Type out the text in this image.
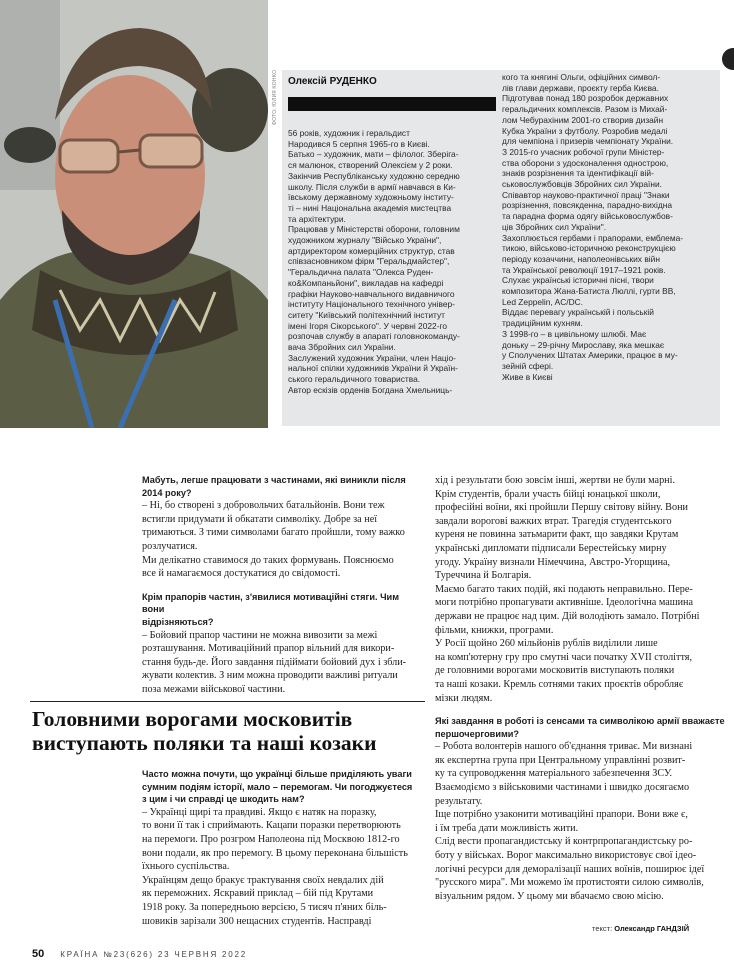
ФОТО: ЮЛИЯ КОНКО Олексій РУДЕНКО

56 років, художник і геральдист

Народився 5 серпня 1965-го в Києві.

Батько – художник, мати – філолог. Зберіга-

ся малюнок, створений Олексієм у 2 роки.

Закінчив Республіканську художню середню

школу. Після служби в армії навчався в Ки-

ївському державному художньому інститу-

ті – нині Національна академія мистецтва

та архітектури.

Працював у Міністерстві оборони, головним

художником журналу "Військо України",

артдиректором комерційних структур, став

співзасновником фірм "Геральдмайстер",

"Геральдична палата "Олекса Руден-

ко&Компаньйони", викладав на кафедрі

графіки Науково-навчального видавничого

інституту Національного технічного універ-

ситету "Київський політехнічний інститут

імені Ігоря Сікорського". У червні 2022-го

розпочав службу в апараті головнокоманду-

вача Збройних сил України.

Заслужений художник України, член Націо-

нальної спілки художників України й Україн-

ського геральдичного товариства.

Автор ескізів орденів Богдана Хмельниць-

кого та княгині Ольги, офіційних символ-

лів глави держави, проєкту герба Києва.

Підготував понад 180 розробок державних

геральдичних комплексів. Разом із Михай-

лом Чебурахіним 2001-го створив дизайн

Кубка України з футболу. Розробив медалі

для чемпіона і призерів чемпіонату України.

З 2015-го учасник робочої групи Міністер-

ства оборони з удосконалення однострою,

знаків розрізнення та ідентифікації вій-

ськовослужбовців Збройних сил України.

Співавтор науково-практичної праці "Знаки

розрізнення, повсякденна, парадно-вихідна

та парадна форма одягу військовослужбов-

ців Збройних сил України".

Захоплюється гербами і прапорами, емблема-

тикою, військово-історичною реконструкцією

періоду козаччини, наполеонівських війн

та Української революції 1917–1921 років.

Слухає українські історичні пісні, твори

композитора Жана-Батиста Люллі, гурти BB,

Led Zeppelin, AC/DC.

Віддає перевагу українській і польській

традиційним кухням.

З 1998-го – в цивільному шлюбі. Має

доньку – 29-річну Мирославу, яка мешкає

у Сполучених Штатах Америки, працює в му-

зейній сфері.

Живе в Києві

Мабуть, легше працювати з частинами, які виникли після

2014 року?

– Ні, бо створені з добровольчих батальйонів. Вони теж

встигли придумати й обкатати символіку. Добре за неї

тримаються. З тими символами багато пройшли, тому важко

розлучатися.

Ми делікатно ставимося до таких формувань. Пояснюємо

все й намагаємося достукатися до свідомості.

Крім прапорів частин, з'явилися мотиваційні стяги. Чим вони

відрізняються?

– Бойовий прапор частини не можна вивозити за межі

розташування. Мотиваційний прапор вільний для викори-

стання будь-де. Його завдання підіймати бойовий дух і збли-

жувати колектив. З ним можна проводити важливі ритуали

поза межами військової частини.

Головними ворогами московитів
виступають поляки та наші козаки

Часто можна почути, що українці більше приділяють уваги

сумним подіям історії, мало – перемогам. Чи погоджуєтеся

з цим і чи справді це шкодить нам?

– Українці щирі та правдиві. Якщо є натяк на поразку,

то вони її так і сприймають. Кацапи поразки перетворюють

на перемоги. Про розгром Наполеона під Москвою 1812-го

вони подали, як про перемогу. В цьому переконана більшість

їхнього суспільства.

Українцям дещо бракує трактування своїх невдалих дій

як переможних. Яскравий приклад – бій під Крутами

1918 року. За попередньою версією, 5 тисяч п'яних біль-

шовиків зарізали 300 нещасних студентів. Насправді

хід і результати бою зовсім інші, жертви не були марні.

Крім студентів, брали участь бійці юнацької школи,

професійні воїни, які пройшли Першу світову війну. Вони

завдали ворогові важких втрат. Трагедія студентського

куреня не повинна затьмарити факт, що завдяки Крутам

українські дипломати підписали Берестейську мирну

угоду. Україну визнали Німеччина, Австро-Угорщина,

Туреччина й Болгарія.

Маємо багато таких подій, які подають неправильно. Пере-

моги потрібно пропагувати активніше. Ідеологічна машина

держави не працює над цим. Дій володіють замало. Потрібні

фільми, книжки, програми.

У Росії щойно 260 мільйонів рублів виділили лише

на комп'ютерну гру про смутні часи початку XVII століття,

де головними ворогами московитів виступають поляки

та наші козаки. Кремль сотнями таких проєктів обробляє

мізки людям.

Які завдання в роботі із сенсами та символікою армії вважаєте

першочерговими?

– Робота волонтерів нашого об'єднання триває. Ми визнані

як експертна група при Центральному управлінні розвит-

ку та супроводження матеріального забезпечення ЗСУ.

Взаємодіємо з військовими частинами і швидко досягаємо

результату.

Іще потрібно узаконити мотиваційні прапори. Вони вже є,

і їм треба дати можливість жити.

Слід вести пропагандистську й контрпропагандистську ро-

боту у військах. Ворог максимально використовує свої ідео-

логічні ресурси для деморалізації наших воїнів, поширює ідеї

"русского мира". Ми можемо їм протистояти силою символів,

візуальним рядом. У цьому ми вбачаємо свою місію.

текст: Олександр ГАНДЗІЙ
50 КРАЇНА №23(626) 23 ЧЕРВНЯ 2022
